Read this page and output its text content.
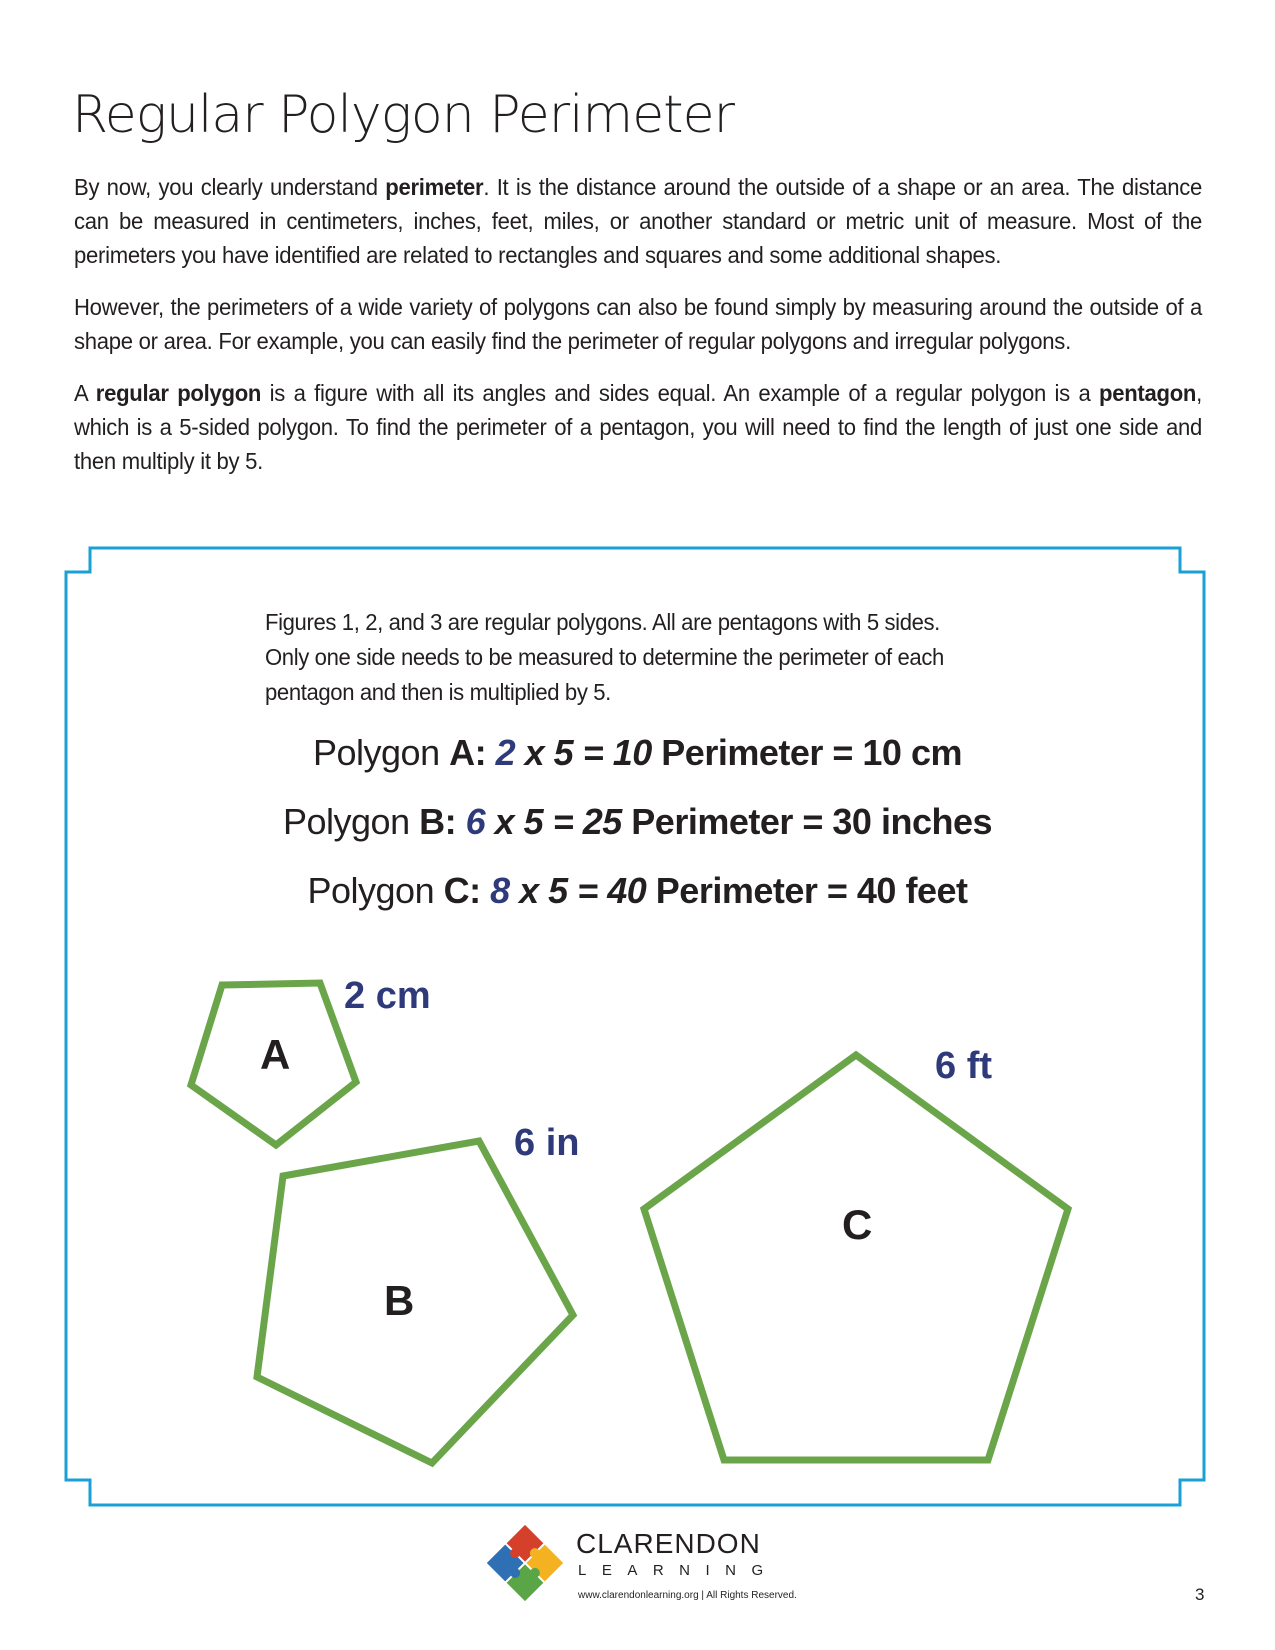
Regular Polygon Perimeter

By now, you clearly understand perimeter. It is the distance around the outside of a shape or an area. The distance can be measured in centimeters, inches, feet, miles, or another standard or metric unit of measure. Most of the perimeters you have identified are related to rectangles and squares and some additional shapes.

However, the perimeters of a wide variety of polygons can also be found simply by measuring around the outside of a shape or area. For example, you can easily find the perimeter of regular polygons and irregular polygons.

A regular polygon is a figure with all its angles and sides equal. An example of a regular polygon is a pentagon, which is a 5-sided polygon. To find the perimeter of a pentagon, you will need to find the length of just one side and then multiply it by 5.

Figures 1, 2, and 3 are regular polygons. All are pentagons with 5 sides. Only one side needs to be measured to determine the perimeter of each pentagon and then is multiplied by 5.
Polygon A: 2 x 5 = 10 Perimeter = 10 cm
Polygon B: 6 x 5 = 25 Perimeter = 30 inches
Polygon C: 8 x 5 = 40 Perimeter = 40 feet
A
B
C
2 cm
6 in
6 ft
CLARENDON
LEARNING
www.clarendonlearning.org | All Rights Reserved.	3
